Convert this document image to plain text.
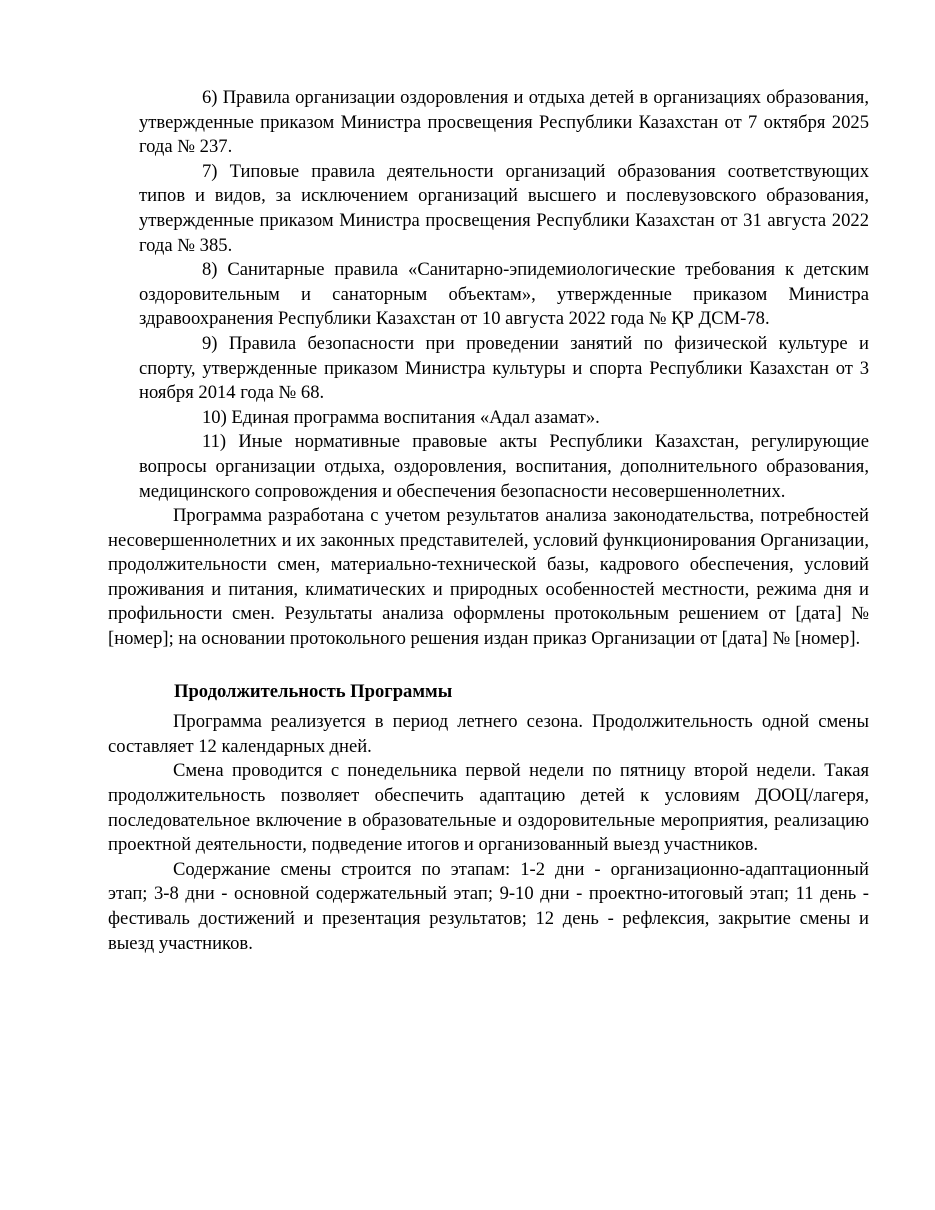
6) Правила организации оздоровления и отдыха детей в организациях образования, утвержденные приказом Министра просвещения Республики Казахстан от 7 октября 2025 года № 237.

7) Типовые правила деятельности организаций образования соответствующих типов и видов, за исключением организаций высшего и послевузовского образования, утвержденные приказом Министра просвещения Республики Казахстан от 31 августа 2022 года № 385.

8) Санитарные правила «Санитарно-эпидемиологические требования к детским оздоровительным и санаторным объектам», утвержденные приказом Министра здравоохранения Республики Казахстан от 10 августа 2022 года № ҚР ДСМ-78.

9) Правила безопасности при проведении занятий по физической культуре и спорту, утвержденные приказом Министра культуры и спорта Республики Казахстан от 3 ноября 2014 года № 68.

10) Единая программа воспитания «Адал азамат».

11) Иные нормативные правовые акты Республики Казахстан, регулирующие вопросы организации отдыха, оздоровления, воспитания, дополнительного образования, медицинского сопровождения и обеспечения безопасности несовершеннолетних.

Программа разработана с учетом результатов анализа законодательства, потребностей несовершеннолетних и их законных представителей, условий функционирования Организации, продолжительности смен, материально-технической базы, кадрового обеспечения, условий проживания и питания, климатических и природных особенностей местности, режима дня и профильности смен. Результаты анализа оформлены протокольным решением от [дата] № [номер]; на основании протокольного решения издан приказ Организации от [дата] № [номер].

Продолжительность Программы

Программа реализуется в период летнего сезона. Продолжительность одной смены составляет 12 календарных дней.

Смена проводится с понедельника первой недели по пятницу второй недели. Такая продолжительность позволяет обеспечить адаптацию детей к условиям ДООЦ/лагеря, последовательное включение в образовательные и оздоровительные мероприятия, реализацию проектной деятельности, подведение итогов и организованный выезд участников.

Содержание смены строится по этапам: 1-2 дни - организационно-адаптационный этап; 3-8 дни - основной содержательный этап; 9-10 дни - проектно-итоговый этап; 11 день - фестиваль достижений и презентация результатов; 12 день - рефлексия, закрытие смены и выезд участников.
